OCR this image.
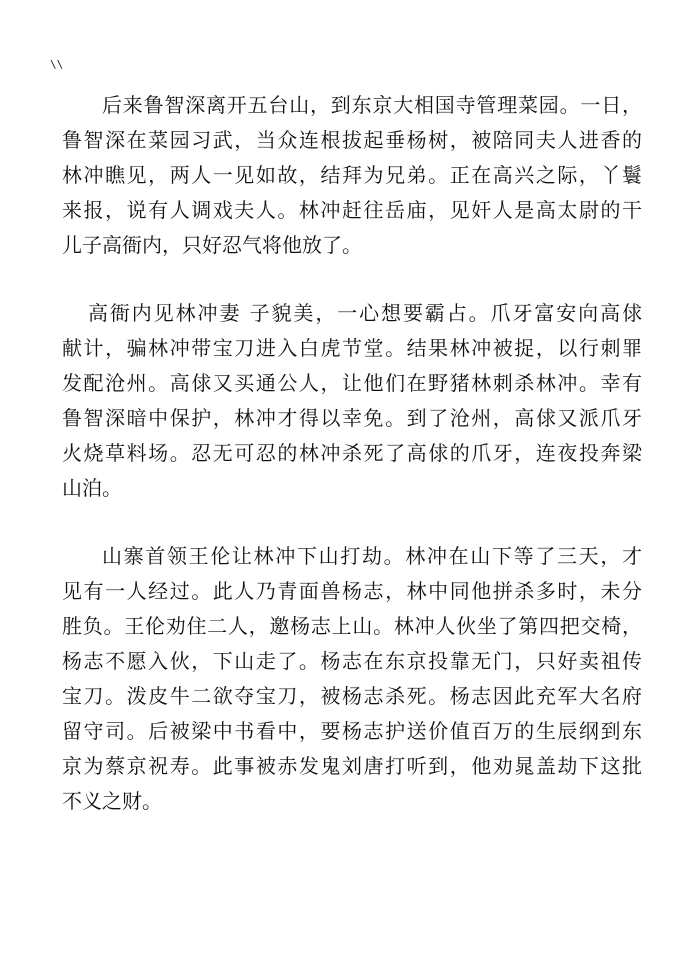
\\
后来鲁智深离开五台山，到东京大相国寺管理菜园。一日，
鲁智深在菜园习武，当众连根拔起垂杨树，被陪同夫人进香的
林冲瞧见，两人一见如故，结拜为兄弟。正在高兴之际，丫鬟
来报，说有人调戏夫人。林冲赶往岳庙，见奸人是高太尉的干
儿子高衙内，只好忍气将他放了。
高衙内见林冲妻 子貌美，一心想要霸占。爪牙富安向高俅
献计，骗林冲带宝刀进入白虎节堂。结果林冲被捉，以行刺罪
发配沧州。高俅又买通公人，让他们在野猪林刺杀林冲。幸有
鲁智深暗中保护，林冲才得以幸免。到了沧州，高俅又派爪牙
火烧草料场。忍无可忍的林冲杀死了高俅的爪牙，连夜投奔梁
山泊。
山寨首领王伦让林冲下山打劫。林冲在山下等了三天，才
见有一人经过。此人乃青面兽杨志，林中同他拼杀多时，未分
胜负。王伦劝住二人，邀杨志上山。林冲人伙坐了第四把交椅，
杨志不愿入伙，下山走了。杨志在东京投靠无门，只好卖祖传
宝刀。泼皮牛二欲夺宝刀，被杨志杀死。杨志因此充军大名府
留守司。后被梁中书看中，要杨志护送价值百万的生辰纲到东
京为蔡京祝寿。此事被赤发鬼刘唐打听到，他劝晁盖劫下这批
不义之财。
